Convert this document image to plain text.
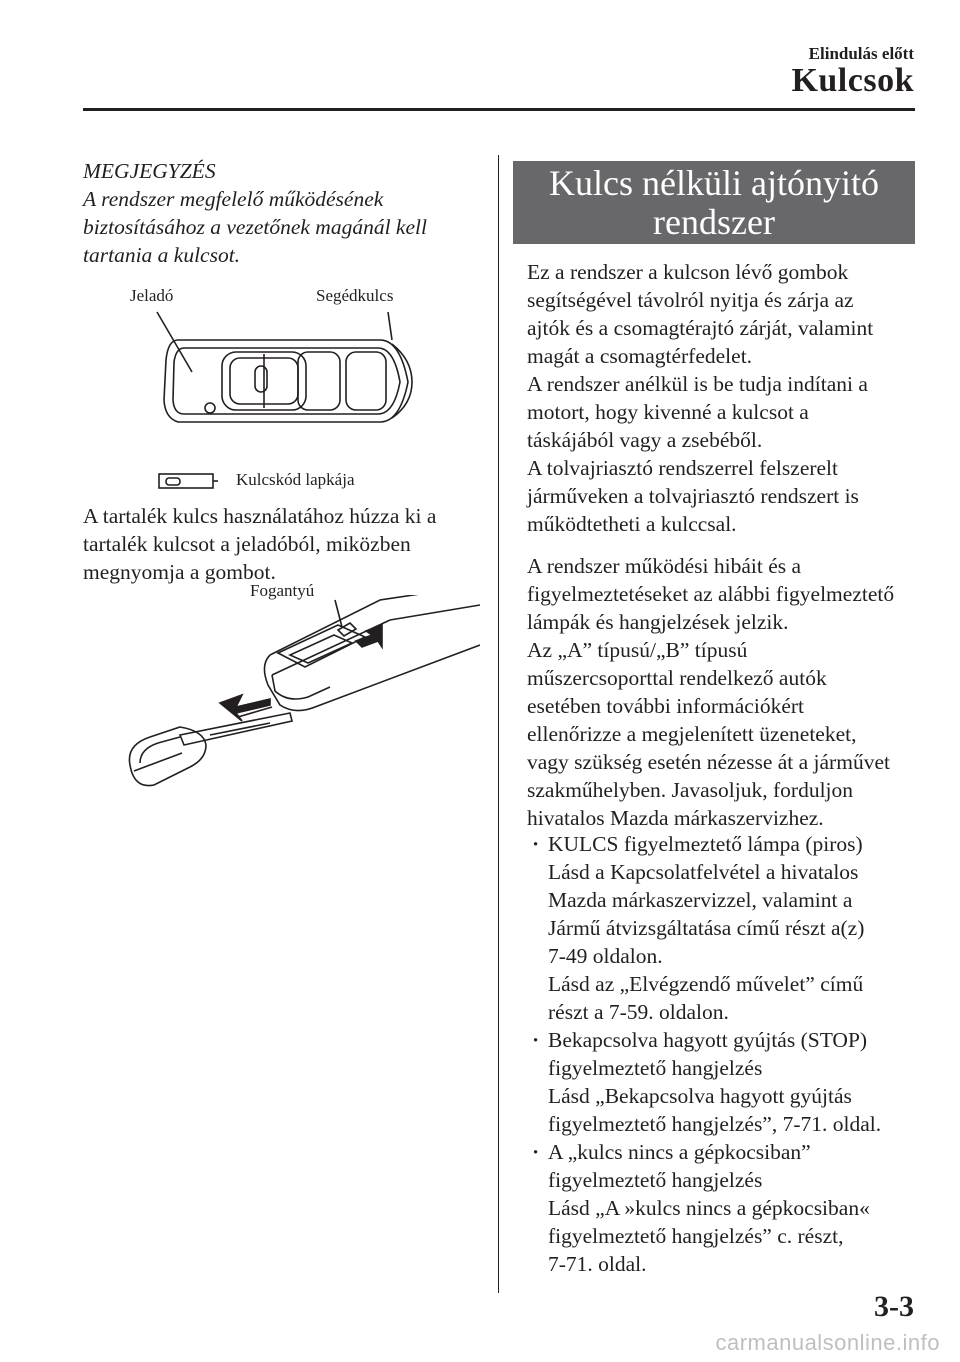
Elindulás előtt
Kulcsok
MEGJEGYZÉS
A rendszer megfelelő működésének
biztosításához a vezetőnek magánál kell
tartania a kulcsot.
Jeladó	Segédkulcs
Kulcskód lapkája
A tartalék kulcs használatához húzza ki a
tartalék kulcsot a jeladóból, miközben
megnyomja a gombot.
Fogantyú
Kulcs nélküli ajtónyitó
rendszer
Ez a rendszer a kulcson lévő gombok
segítségével távolról nyitja és zárja az
ajtók és a csomagtérajtó zárját, valamint
magát a csomagtérfedelet.
A rendszer anélkül is be tudja indítani a
motort, hogy kivenné a kulcsot a
táskájából vagy a zsebéből.
A tolvajriasztó rendszerrel felszerelt
járműveken a tolvajriasztó rendszert is
működtetheti a kulccsal.
A rendszer működési hibáit és a
figyelmeztetéseket az alábbi figyelmeztető
lámpák és hangjelzések jelzik.
Az „A” típusú/„B” típusú
műszercsoporttal rendelkező autók
esetében további információkért
ellenőrizze a megjelenített üzeneteket,
vagy szükség esetén nézesse át a járművet
szakműhelyben. Javasoljuk, forduljon
hivatalos Mazda márkaszervizhez.
· KULCS figyelmeztető lámpa (piros)
Lásd a Kapcsolatfelvétel a hivatalos
Mazda márkaszervizzel, valamint a
Jármű átvizsgáltatása című részt a(z)
7-49 oldalon.
Lásd az „Elvégzendő művelet” című
részt a 7-59. oldalon.
· Bekapcsolva hagyott gyújtás (STOP)
figyelmeztető hangjelzés
Lásd „Bekapcsolva hagyott gyújtás
figyelmeztető hangjelzés”, 7-71. oldal.
· A „kulcs nincs a gépkocsiban”
figyelmeztető hangjelzés
Lásd „A »kulcs nincs a gépkocsiban«
figyelmeztető hangjelzés” c. részt,
7-71. oldal.
3-3
carmanualsonline.info
